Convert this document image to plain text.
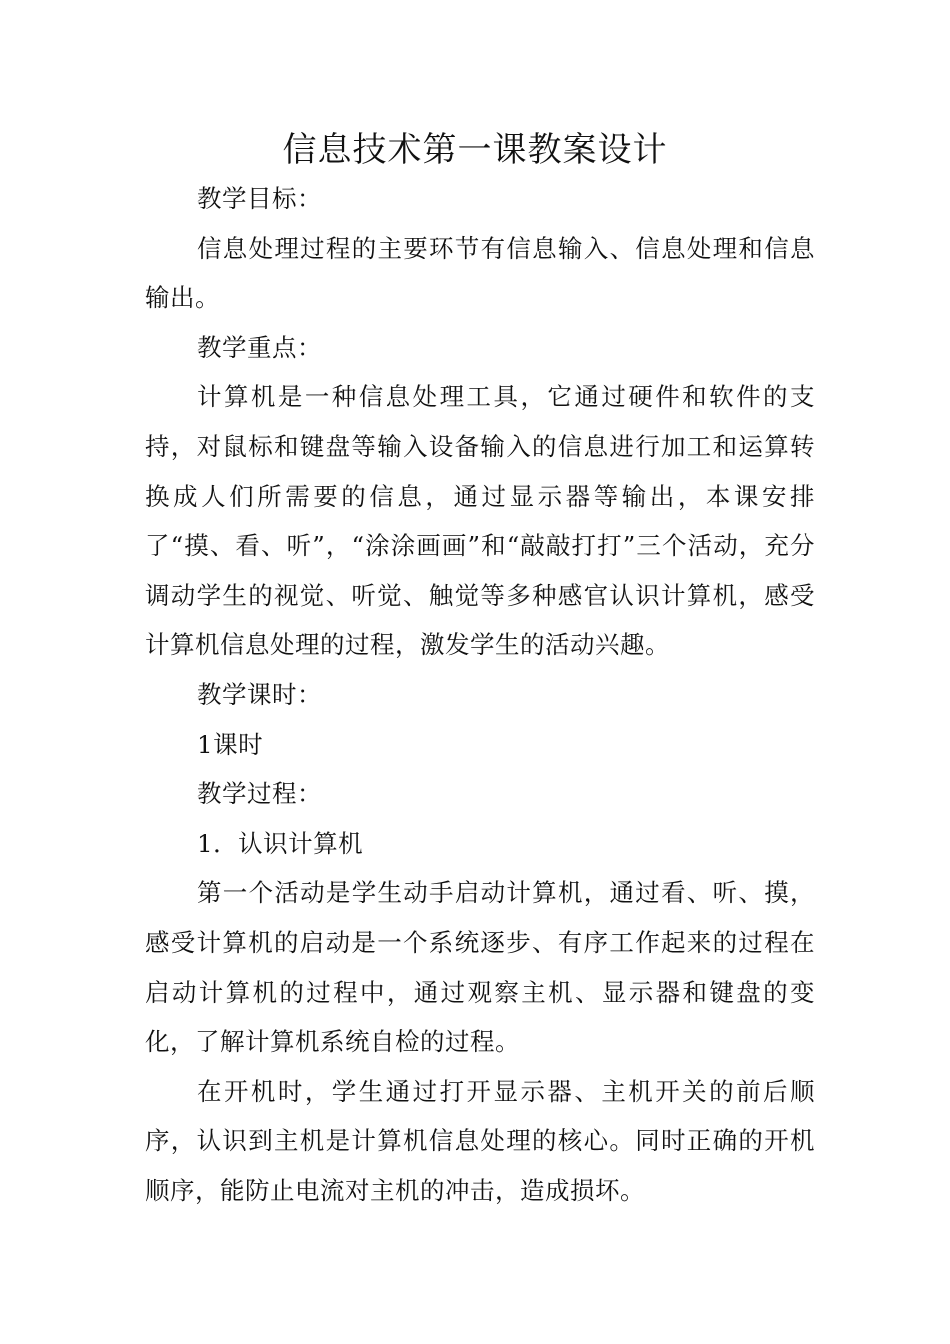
信息技术第一课教案设计

教学目标：

信息处理过程的主要环节有信息输入、信息处理和信息输出。

教学重点：

计算机是一种信息处理工具，它通过硬件和软件的支持，对鼠标和键盘等输入设备输入的信息进行加工和运算转换成人们所需要的信息，通过显示器等输出，本课安排了“摸、看、听”，“涂涂画画”和“敲敲打打”三个活动，充分调动学生的视觉、听觉、触觉等多种感官认识计算机，感受计算机信息处理的过程，激发学生的活动兴趣。

教学课时：

1课时

教学过程：

1．认识计算机

第一个活动是学生动手启动计算机，通过看、听、摸，感受计算机的启动是一个系统逐步、有序工作起来的过程在启动计算机的过程中，通过观察主机、显示器和键盘的变化，了解计算机系统自检的过程。

在开机时，学生通过打开显示器、主机开关的前后顺序，认识到主机是计算机信息处理的核心。同时正确的开机顺序，能防止电流对主机的冲击，造成损坏。
